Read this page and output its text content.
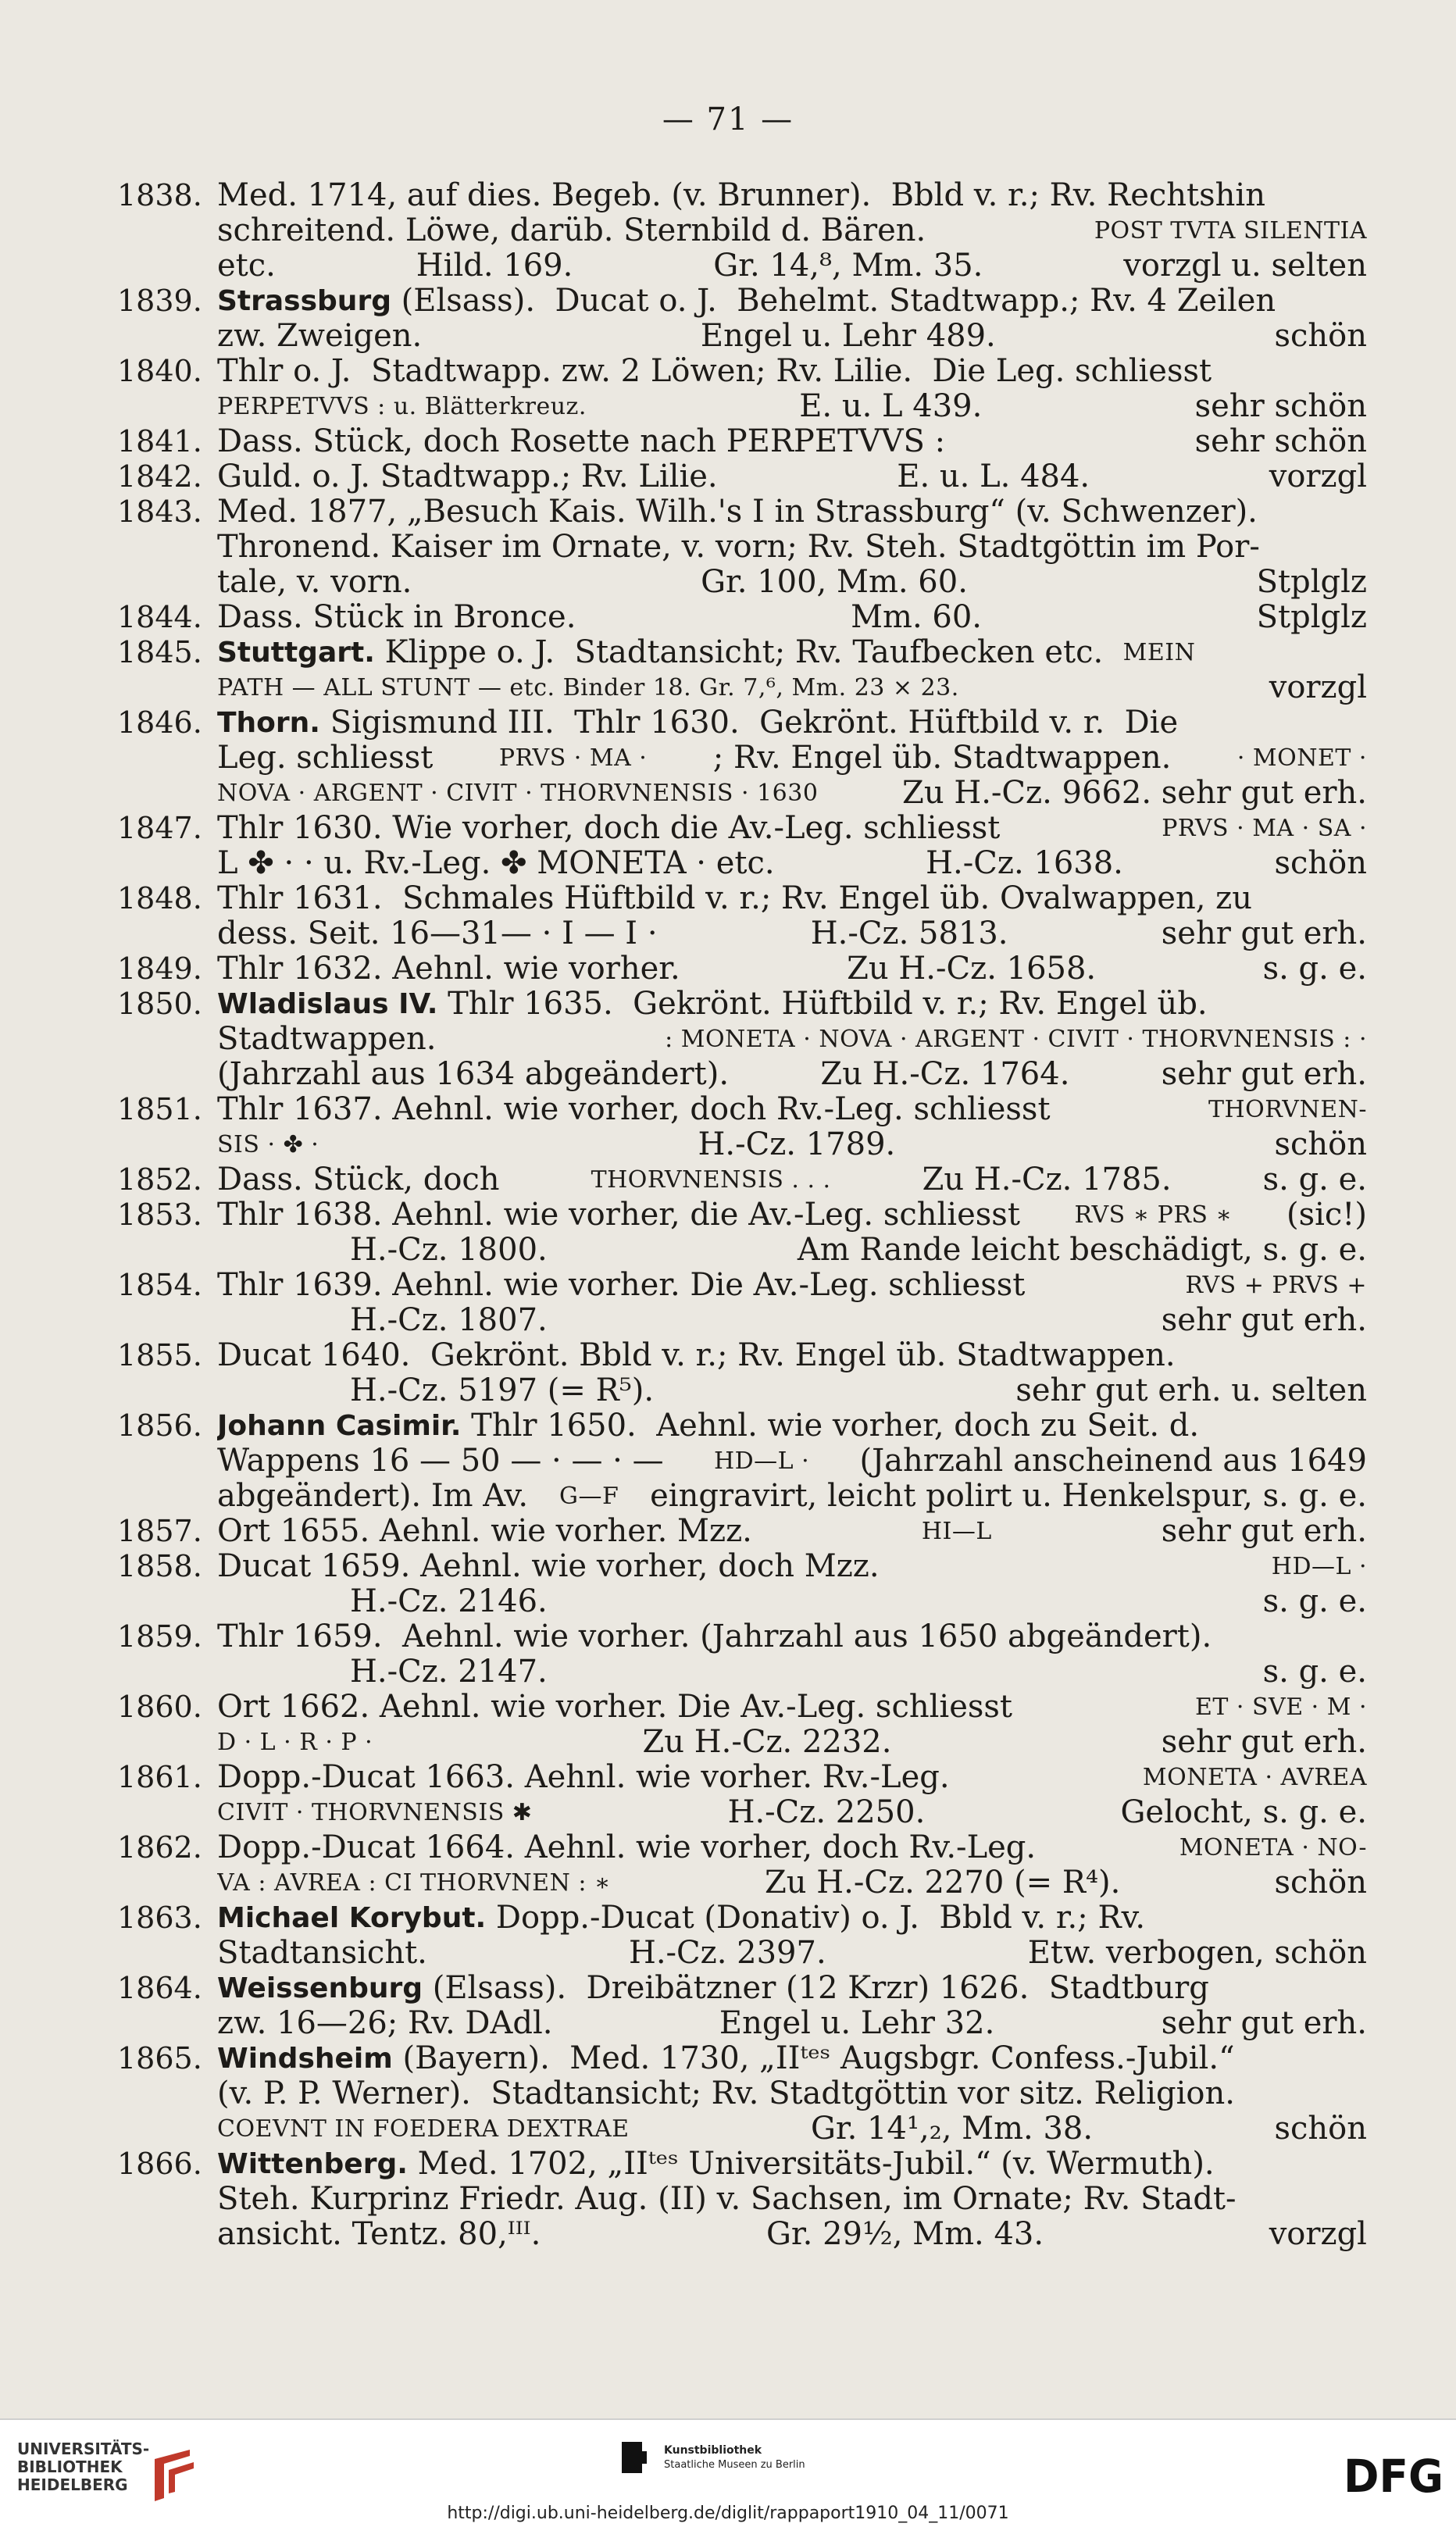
— 71 —
1838. Med. 1714, auf dies. Begeb. (v. Brunner).  Bbld v. r.; Rv. Rechtshin
schreitend. Löwe, darüb. Sternbild d. Bären.	POST TVTA SILENTIA
etc.	Hild. 169.	Gr. 14,⁸, Mm. 35.	vorzgl u. selten
1839. Strassburg (Elsass).  Ducat o. J.  Behelmt. Stadtwapp.; Rv. 4 Zeilen
zw. Zweigen.	Engel u. Lehr 489.	schön
1840. Thlr o. J.  Stadtwapp. zw. 2 Löwen; Rv. Lilie.  Die Leg. schliesst
PERPETVVS : u. Blätterkreuz.	E. u. L 439.	sehr schön
1841. Dass. Stück, doch Rosette nach PERPETVVS :	sehr schön
1842. Guld. o. J. Stadtwapp.; Rv. Lilie.	E. u. L. 484.	vorzgl
1843. Med. 1877, „Besuch Kais. Wilh.'s I in Strassburg“ (v. Schwenzer).
Thronend. Kaiser im Ornate, v. vorn; Rv. Steh. Stadtgöttin im Por-
tale, v. vorn.	Gr. 100, Mm. 60.	Stplglz
1844. Dass. Stück in Bronce.	Mm. 60.	Stplglz
1845. Stuttgart. Klippe o. J.  Stadtansicht; Rv. Taufbecken etc. MEIN
PATH — ALL STUNT — etc. Binder 18. Gr. 7,⁶, Mm. 23 × 23.	vorzgl
1846. Thorn. Sigismund III.  Thlr 1630.  Gekrönt. Hüftbild v. r.  Die
Leg. schliesst	PRVS · MA · ; Rv. Engel üb. Stadtwappen.	· MONET ·
NOVA · ARGENT · CIVIT · THORVNENSIS · 1630	Zu H.-Cz. 9662. sehr gut erh.
1847. Thlr 1630. Wie vorher, doch die Av.-Leg. schliesst	PRVS · MA · SA ·
L ✤ · · u. Rv.-Leg. ✤ MONETA · etc.	H.-Cz. 1638.	schön
1848. Thlr 1631.  Schmales Hüftbild v. r.; Rv. Engel üb. Ovalwappen, zu
dess. Seit. 16—31— · I — I ·	H.-Cz. 5813.	sehr gut erh.
1849. Thlr 1632. Aehnl. wie vorher.	Zu H.-Cz. 1658.	s. g. e.
1850. Wladislaus IV. Thlr 1635.  Gekrönt. Hüftbild v. r.; Rv. Engel üb.
Stadtwappen.	: MONETA · NOVA · ARGENT · CIVIT · THORVNENSIS : ·
(Jahrzahl aus 1634 abgeändert).	Zu H.-Cz. 1764.	sehr gut erh.
1851. Thlr 1637. Aehnl. wie vorher, doch Rv.-Leg. schliesst	THORVNEN-
SIS · ✤ ·	H.-Cz. 1789.	schön
1852. Dass. Stück, doch	THORVNENSIS . . .	Zu H.-Cz. 1785.	s. g. e.
1853. Thlr 1638. Aehnl. wie vorher, die Av.-Leg. schliesst RVS ∗ PRS ∗ (sic!)
H.-Cz. 1800.	Am Rande leicht beschädigt, s. g. e.
1854. Thlr 1639. Aehnl. wie vorher. Die Av.-Leg. schliesst	RVS + PRVS +
H.-Cz. 1807.	sehr gut erh.
1855. Ducat 1640.  Gekrönt. Bbld v. r.; Rv. Engel üb. Stadtwappen.
H.-Cz. 5197 (= R⁵).	sehr gut erh. u. selten
1856. Johann Casimir. Thlr 1650.  Aehnl. wie vorher, doch zu Seit. d.
Wappens 16 — 50 — · — · — HD—L · (Jahrzahl anscheinend aus 1649
abgeändert). Im Av. G—F eingravirt, leicht polirt u. Henkelspur, s. g. e.
1857. Ort 1655. Aehnl. wie vorher. Mzz.	HI—L	sehr gut erh.
1858. Ducat 1659. Aehnl. wie vorher, doch Mzz.	HD—L ·
H.-Cz. 2146.	s. g. e.
1859. Thlr 1659.  Aehnl. wie vorher. (Jahrzahl aus 1650 abgeändert).
H.-Cz. 2147.	s. g. e.
1860. Ort 1662. Aehnl. wie vorher. Die Av.-Leg. schliesst	ET · SVE · M ·
D · L · R · P ·	Zu H.-Cz. 2232.	sehr gut erh.
1861. Dopp.-Ducat 1663. Aehnl. wie vorher. Rv.-Leg.	MONETA · AVREA
CIVIT · THORVNENSIS ✱	H.-Cz. 2250.	Gelocht, s. g. e.
1862. Dopp.-Ducat 1664. Aehnl. wie vorher, doch Rv.-Leg.	MONETA · NO-
VA : AVREA : CI THORVNEN : ∗	Zu H.-Cz. 2270 (= R⁴).	schön
1863. Michael Korybut. Dopp.-Ducat (Donativ) o. J.  Bbld v. r.; Rv.
Stadtansicht.	H.-Cz. 2397.	Etw. verbogen, schön
1864. Weissenburg (Elsass).  Dreibätzner (12 Krzr) 1626.  Stadtburg
zw. 16—26; Rv. DAdl.	Engel u. Lehr 32.	sehr gut erh.
1865. Windsheim (Bayern).  Med. 1730, „IIᵗᵉˢ Augsbgr. Confess.-Jubil.“
(v. P. P. Werner).  Stadtansicht; Rv. Stadtgöttin vor sitz. Religion.
COEVNT IN FOEDERA DEXTRAE	Gr. 14¹,₂, Mm. 38.	schön
1866. Wittenberg. Med. 1702, „IIᵗᵉˢ Universitäts-Jubil.“ (v. Wermuth).
Steh. Kurprinz Friedr. Aug. (II) v. Sachsen, im Ornate; Rv. Stadt-
ansicht. Tentz. 80,ᴵᴵᴵ.	Gr. 29½, Mm. 43.	vorzgl
UNIVERSITÄTS-
BIBLIOTHEK
HEIDELBERG
Kunstbibliothek
Staatliche Museen zu Berlin	DFG
http://digi.ub.uni-heidelberg.de/diglit/rappaport1910_04_11/0071
